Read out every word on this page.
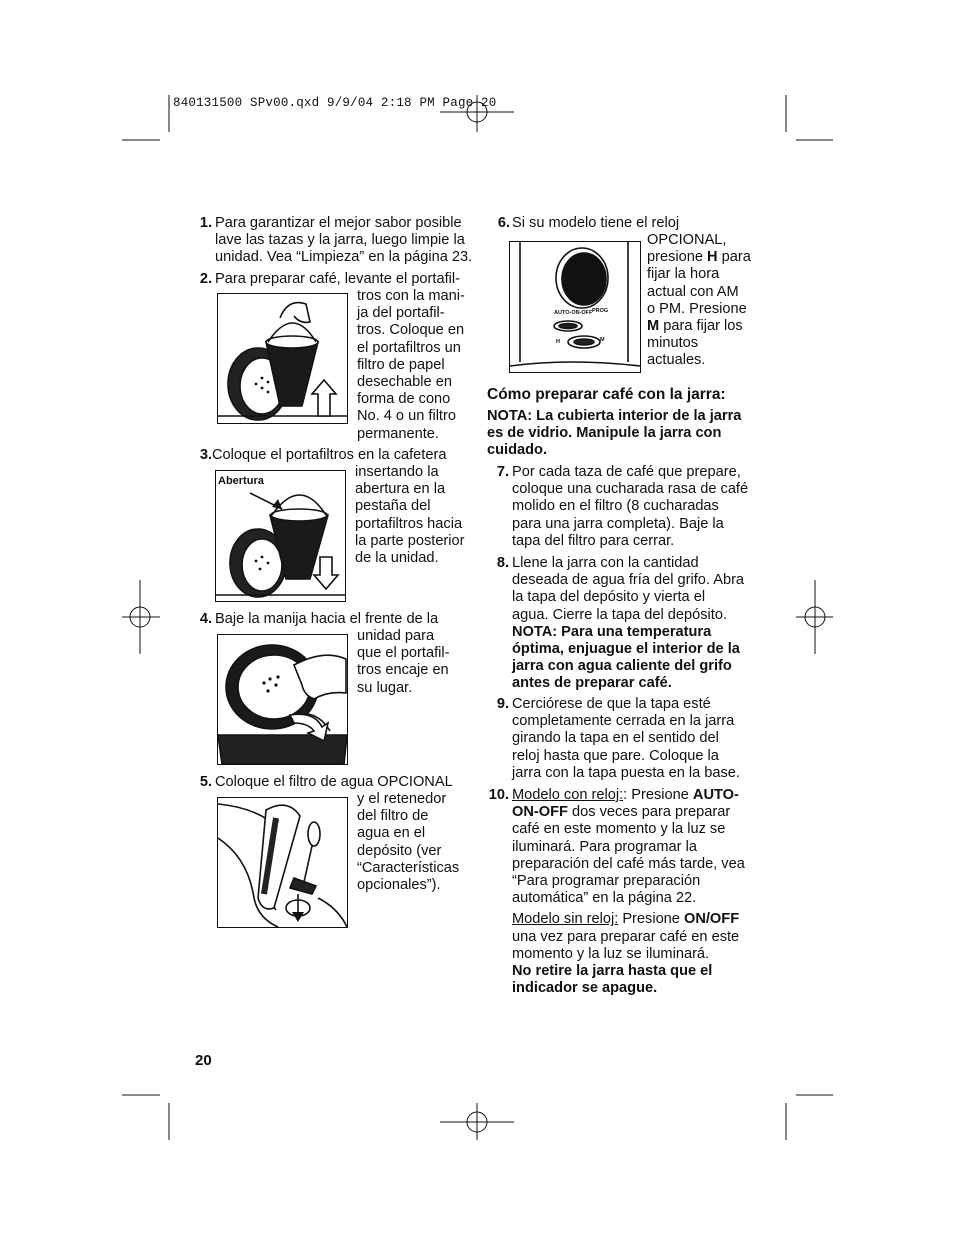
840131500 SPv00.qxd 9/9/04 2:18 PM Page 20
1. Para garantizar el mejor sabor posible
lave las tazas y la jarra, luego limpie la
unidad. Vea “Limpieza” en la página 23.
2. Para preparar café, levante el portafil-
tros con la mani-
ja del portafil-
tros. Coloque en
el portafiltros un
filtro de papel
desechable en
forma de cono
No. 4 o un filtro
permanente.
3. Coloque el portafiltros en la cafetera
insertando la
abertura en la
pestaña del
portafiltros hacia
la parte posterior
de la unidad.
Abertura
4. Baje la manija hacia el frente de la
unidad para
que el portafil-
tros encaje en
su lugar.
5. Coloque el filtro de agua OPCIONAL
y el retenedor
del filtro de
agua en el
depósito (ver
“Características
opcionales”).
20
6. Si su modelo tiene el reloj
OPCIONAL,
presione H para
fijar la hora
actual con AM
o PM. Presione
M para fijar los
minutos
actuales.
AUTO-ON-OFF PROG
H	M
Cómo preparar café con la jarra:
NOTA: La cubierta interior de la jarra
es de vidrio. Manipule la jarra con
cuidado.
7. Por cada taza de café que prepare,
coloque una cucharada rasa de café
molido en el filtro (8 cucharadas
para una jarra completa). Baje la
tapa del filtro para cerrar.
8. Llene la jarra con la cantidad
deseada de agua fría del grifo. Abra
la tapa del depósito y vierta el
agua. Cierre la tapa del depósito.
NOTA: Para una temperatura
óptima, enjuague el interior de la
jarra con agua caliente del grifo
antes de preparar café.
9. Cerciórese de que la tapa esté
completamente cerrada en la jarra
girando la tapa en el sentido del
reloj hasta que pare. Coloque la
jarra con la tapa puesta en la base.
10. Modelo con reloj:: Presione AUTO-
ON-OFF dos veces para preparar
café en este momento y la luz se
iluminará. Para programar la
preparación del café más tarde, vea
“Para programar preparación
automática” en la página 22.
Modelo sin reloj: Presione ON/OFF
una vez para preparar café en este
momento y la luz se iluminará.
No retire la jarra hasta que el
indicador se apague.
